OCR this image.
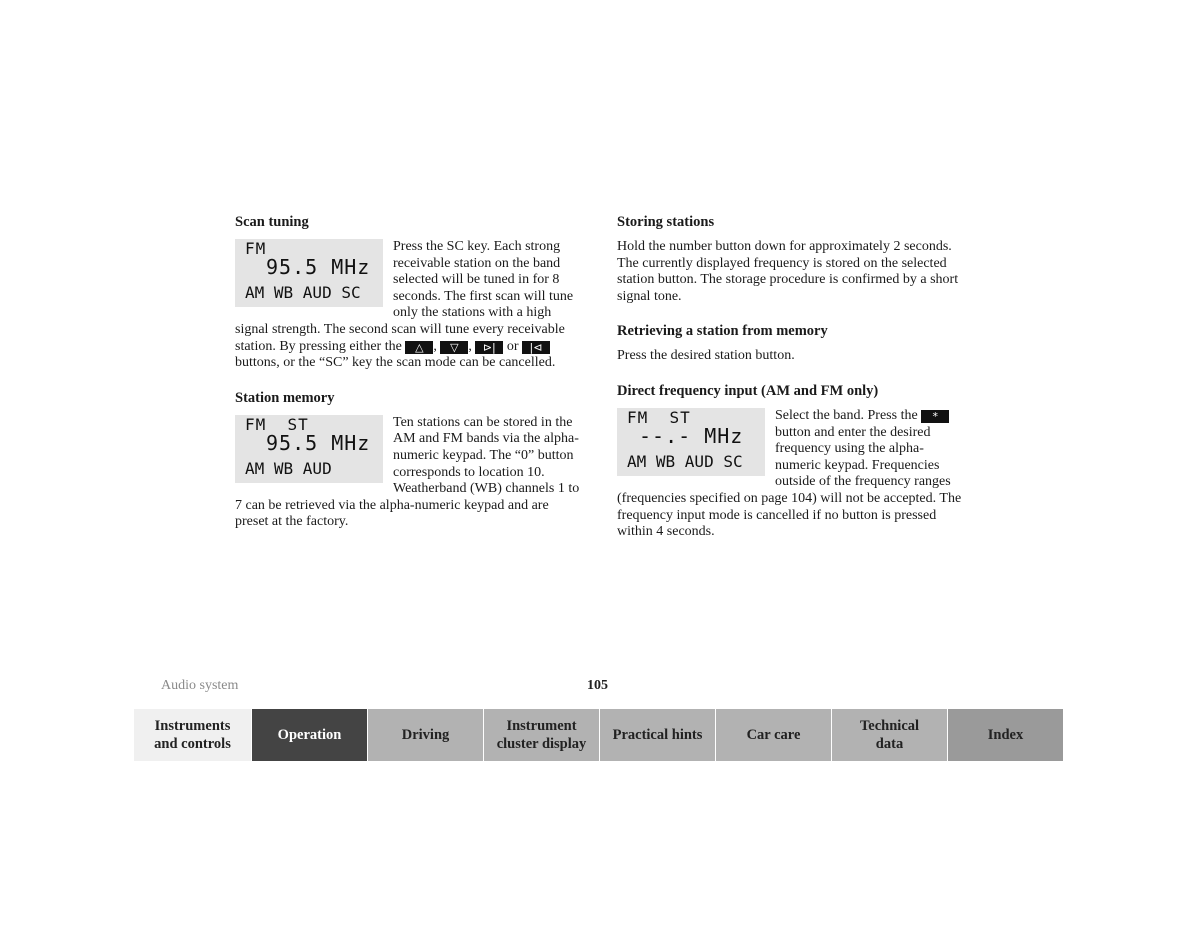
Scan tuning
FM
95.5 MHz
AM WB AUD SC

Press the SC key. Each strong receivable station on the band selected will be tuned in for 8 seconds. The first scan will tune only the stations with a high signal strength. The second scan will tune every receivable station. By pressing either the △ , ▽ , ⊳| or |⊲ buttons, or the “SC” key the scan mode can be cancelled.

Station memory
FM  ST
95.5 MHz
AM WB AUD

Ten stations can be stored in the AM and FM bands via the alpha-numeric keypad. The “0” button corresponds to location 10. Weatherband (WB) channels 1 to 7 can be retrieved via the alpha-numeric keypad and are preset at the factory.

Storing stations

Hold the number button down for approximately 2 seconds. The currently displayed frequency is stored on the selected station button. The storage procedure is confirmed by a short signal tone.

Retrieving a station from memory

Press the desired station button.

Direct frequency input (AM and FM only)
FM  ST
--.- MHz
AM WB AUD SC

Select the band. Press the * button and enter the desired frequency using the alpha-numeric keypad. Frequencies outside of the frequency ranges (frequencies specified on page 104) will not be accepted. The frequency input mode is cancelled if no button is pressed within 4 seconds.

Audio system	105
Instruments and controls
Operation	Driving
Instrument cluster display
Practical hints	Car care
Technical data
Index
